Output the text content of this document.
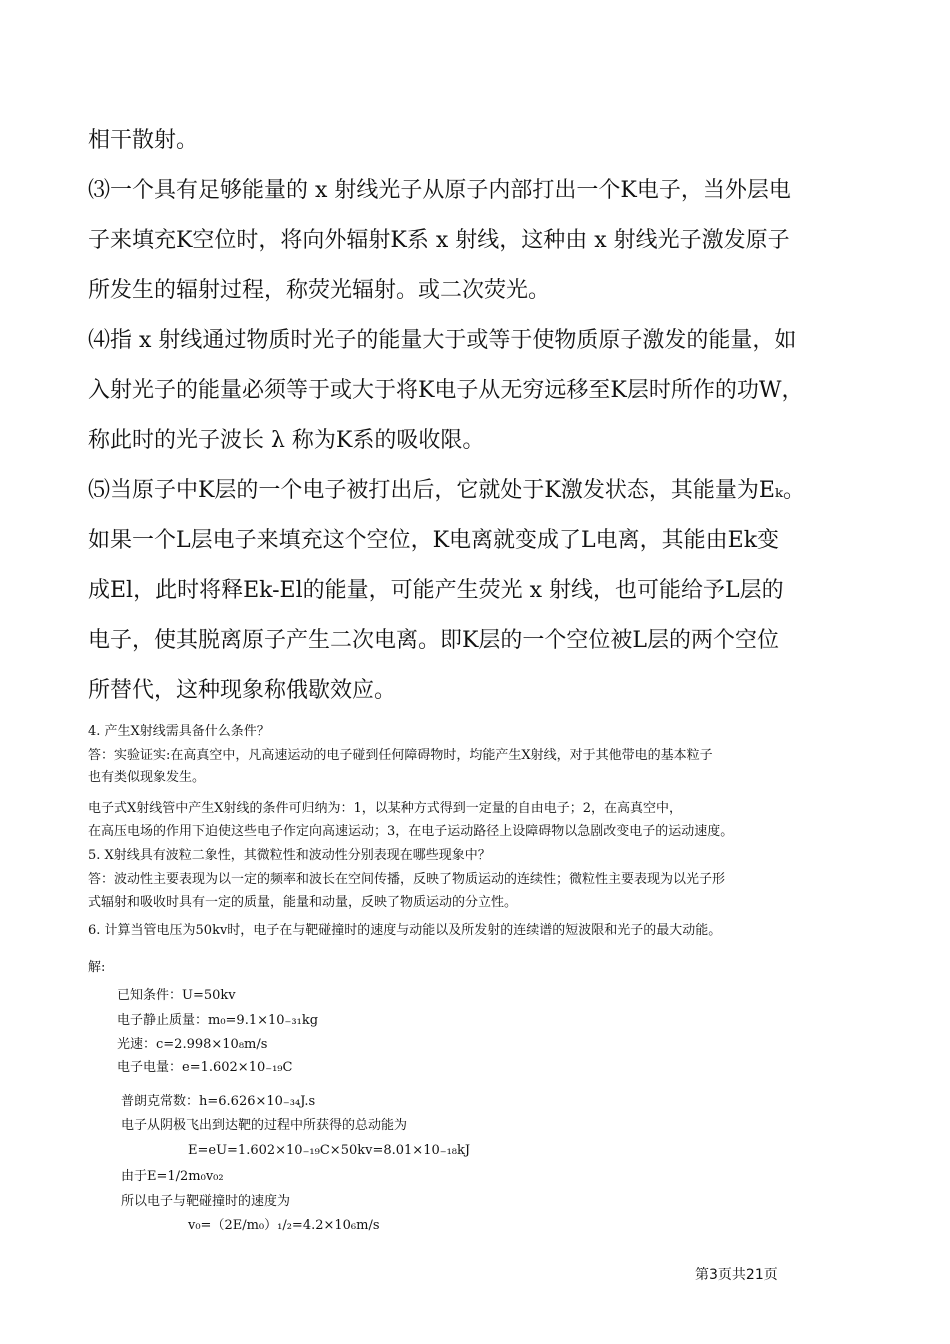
相干散射。
⑶一个具有足够能量的 x 射线光子从原子内部打出一个K电子，当外层电
子来填充K空位时，将向外辐射K系 x 射线，这种由 x 射线光子激发原子
所发生的辐射过程，称荧光辐射。或二次荧光。
⑷指 x 射线通过物质时光子的能量大于或等于使物质原子激发的能量，如
入射光子的能量必须等于或大于将K电子从无穷远移至K层时所作的功W，
称此时的光子波长 λ 称为K系的吸收限。
⑸当原子中K层的一个电子被打出后，它就处于K激发状态，其能量为Eₖ。
如果一个L层电子来填充这个空位，K电离就变成了L电离，其能由Ek变
成El，此时将释Ek-El的能量，可能产生荧光 x 射线，也可能给予L层的
电子，使其脱离原子产生二次电离。即K层的一个空位被L层的两个空位
所替代，这种现象称俄歇效应。
4. 产生X射线需具备什么条件？
答：实验证实:在高真空中，凡高速运动的电子碰到任何障碍物时，均能产生X射线，对于其他带电的基本粒子
也有类似现象发生。
电子式X射线管中产生X射线的条件可归纳为：1，以某种方式得到一定量的自由电子；2，在高真空中，
在高压电场的作用下迫使这些电子作定向高速运动；3，在电子运动路径上设障碍物以急剧改变电子的运动速度。
5. X射线具有波粒二象性，其微粒性和波动性分别表现在哪些现象中？
答：波动性主要表现为以一定的频率和波长在空间传播，反映了物质运动的连续性；微粒性主要表现为以光子形
式辐射和吸收时具有一定的质量，能量和动量，反映了物质运动的分立性。
6. 计算当管电压为50kv时，电子在与靶碰撞时的速度与动能以及所发射的连续谱的短波限和光子的最大动能。
解:
已知条件：U=50kv
电子静止质量：m₀=9.1×10₋₃₁kg
光速：c=2.998×10₈m/s
电子电量：e=1.602×10₋₁₉C
普朗克常数：h=6.626×10₋₃₄J.s
电子从阴极飞出到达靶的过程中所获得的总动能为
E=eU=1.602×10₋₁₉C×50kv=8.01×10₋₁₈kJ
由于E=1/2m₀v₀₂
所以电子与靶碰撞时的速度为
v₀=（2E/m₀）₁/₂=4.2×10₆m/s
第3页共21页
